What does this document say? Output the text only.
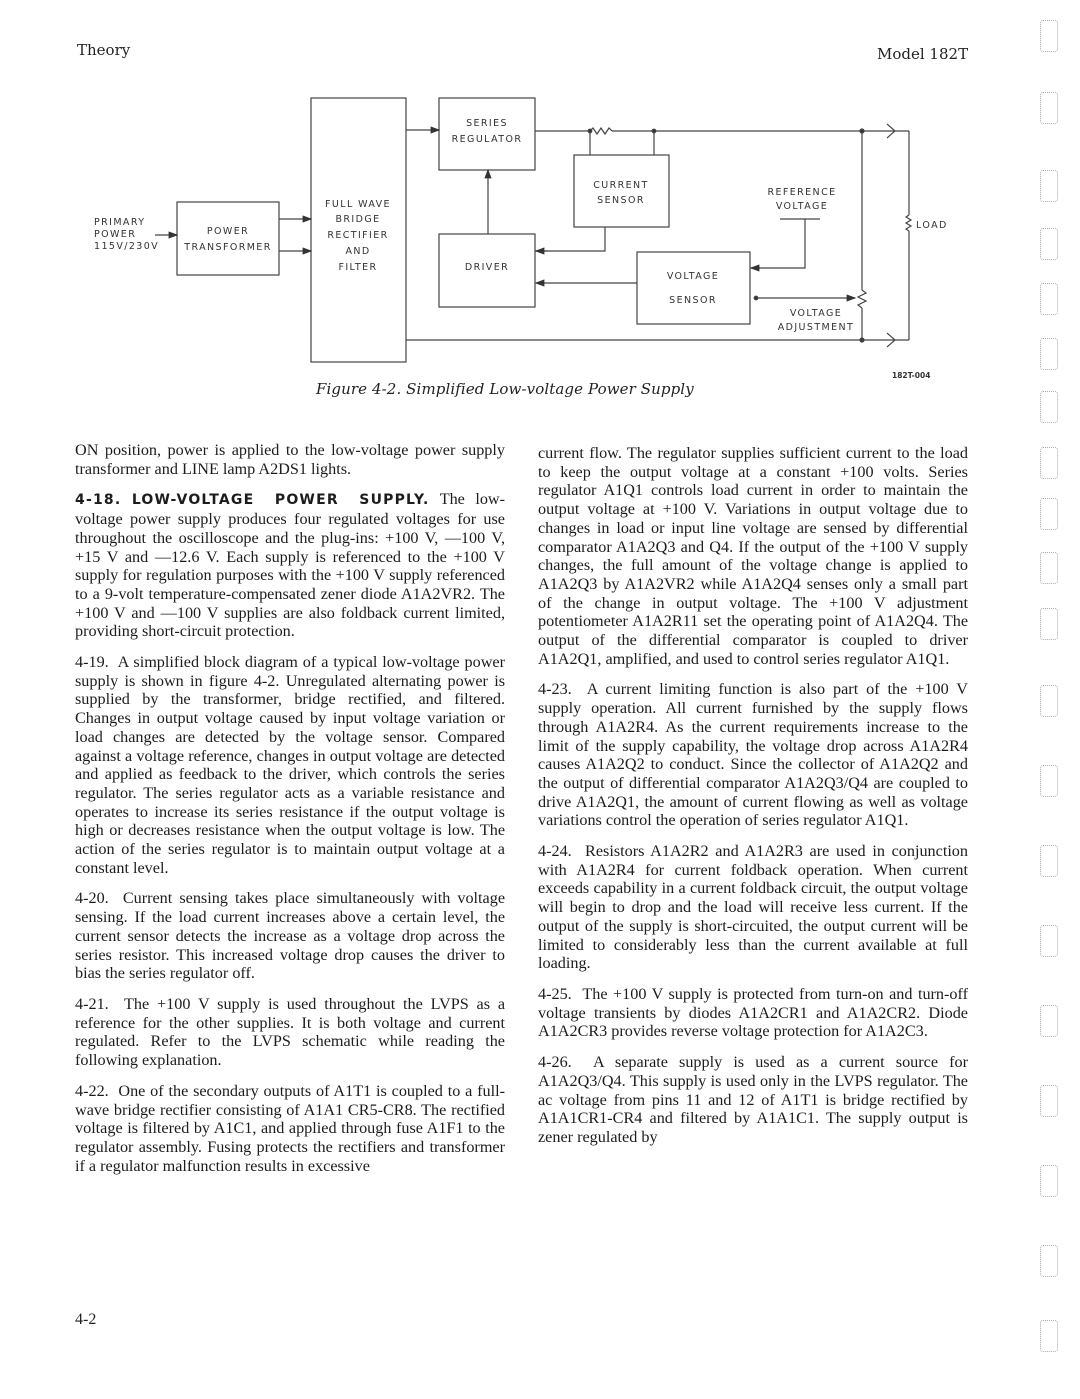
Theory	Model 182T
PRIMARY
POWER
115V/230V
POWER
TRANSFORMER
FULL WAVE
BRIDGE
RECTIFIER
AND
FILTER
SERIES
REGULATOR
DRIVER
CURRENT
SENSOR
VOLTAGE
SENSOR
REFERENCE
VOLTAGE
VOLTAGE
ADJUSTMENT
LOAD
182T-004
Figure 4-2. Simplified Low-voltage Power Supply

ON position, power is applied to the low-voltage power supply transformer and LINE lamp A2DS1 lights.

4-18. LOW-VOLTAGE POWER SUPPLY. The low-voltage power supply produces four regulated voltages for use throughout the oscilloscope and the plug-ins: +100 V, —100 V, +15 V and —12.6 V. Each supply is referenced to the +100 V supply for regulation purposes with the +100 V supply referenced to a 9-volt temperature-compensated zener diode A1A2VR2. The +100 V and —100 V supplies are also foldback current limited, providing short-circuit protection.

4-19. A simplified block diagram of a typical low-voltage power supply is shown in figure 4-2. Unregulated alternating power is supplied by the transformer, bridge rectified, and filtered. Changes in output voltage caused by input voltage variation or load changes are detected by the voltage sensor. Compared against a voltage reference, changes in output voltage are detected and applied as feedback to the driver, which controls the series regulator. The series regulator acts as a variable resistance and operates to increase its series resistance if the output voltage is high or decreases resistance when the output voltage is low. The action of the series regulator is to maintain output voltage at a constant level.

4-20. Current sensing takes place simultaneously with voltage sensing. If the load current increases above a certain level, the current sensor detects the increase as a voltage drop across the series resistor. This increased voltage drop causes the driver to bias the series regulator off.

4-21. The +100 V supply is used throughout the LVPS as a reference for the other supplies. It is both voltage and current regulated. Refer to the LVPS schematic while reading the following explanation.

4-22. One of the secondary outputs of A1T1 is coupled to a full-wave bridge rectifier consisting of A1A1 CR5-CR8. The rectified voltage is filtered by A1C1, and applied through fuse A1F1 to the regulator assembly. Fusing protects the rectifiers and transformer if a regulator malfunction results in excessive

current flow. The regulator supplies sufficient current to the load to keep the output voltage at a constant +100 volts. Series regulator A1Q1 controls load current in order to maintain the output voltage at +100 V. Variations in output voltage due to changes in load or input line voltage are sensed by differential comparator A1A2Q3 and Q4. If the output of the +100 V supply changes, the full amount of the voltage change is applied to A1A2Q3 by A1A2VR2 while A1A2Q4 senses only a small part of the change in output voltage. The +100 V adjustment potentiometer A1A2R11 set the operating point of A1A2Q4. The output of the differential comparator is coupled to driver A1A2Q1, amplified, and used to control series regulator A1Q1.

4-23. A current limiting function is also part of the +100 V supply operation. All current furnished by the supply flows through A1A2R4. As the current requirements increase to the limit of the supply capability, the voltage drop across A1A2R4 causes A1A2Q2 to conduct. Since the collector of A1A2Q2 and the output of differential comparator A1A2Q3/Q4 are coupled to drive A1A2Q1, the amount of current flowing as well as voltage variations control the operation of series regulator A1Q1.

4-24. Resistors A1A2R2 and A1A2R3 are used in conjunction with A1A2R4 for current foldback operation. When current exceeds capability in a current foldback circuit, the output voltage will begin to drop and the load will receive less current. If the output of the supply is short-circuited, the output current will be limited to considerably less than the current available at full loading.

4-25. The +100 V supply is protected from turn-on and turn-off voltage transients by diodes A1A2CR1 and A1A2CR2. Diode A1A2CR3 provides reverse voltage protection for A1A2C3.

4-26. A separate supply is used as a current source for A1A2Q3/Q4. This supply is used only in the LVPS regulator. The ac voltage from pins 11 and 12 of A1T1 is bridge rectified by A1A1CR1-CR4 and filtered by A1A1C1. The supply output is zener regulated by

4-2
